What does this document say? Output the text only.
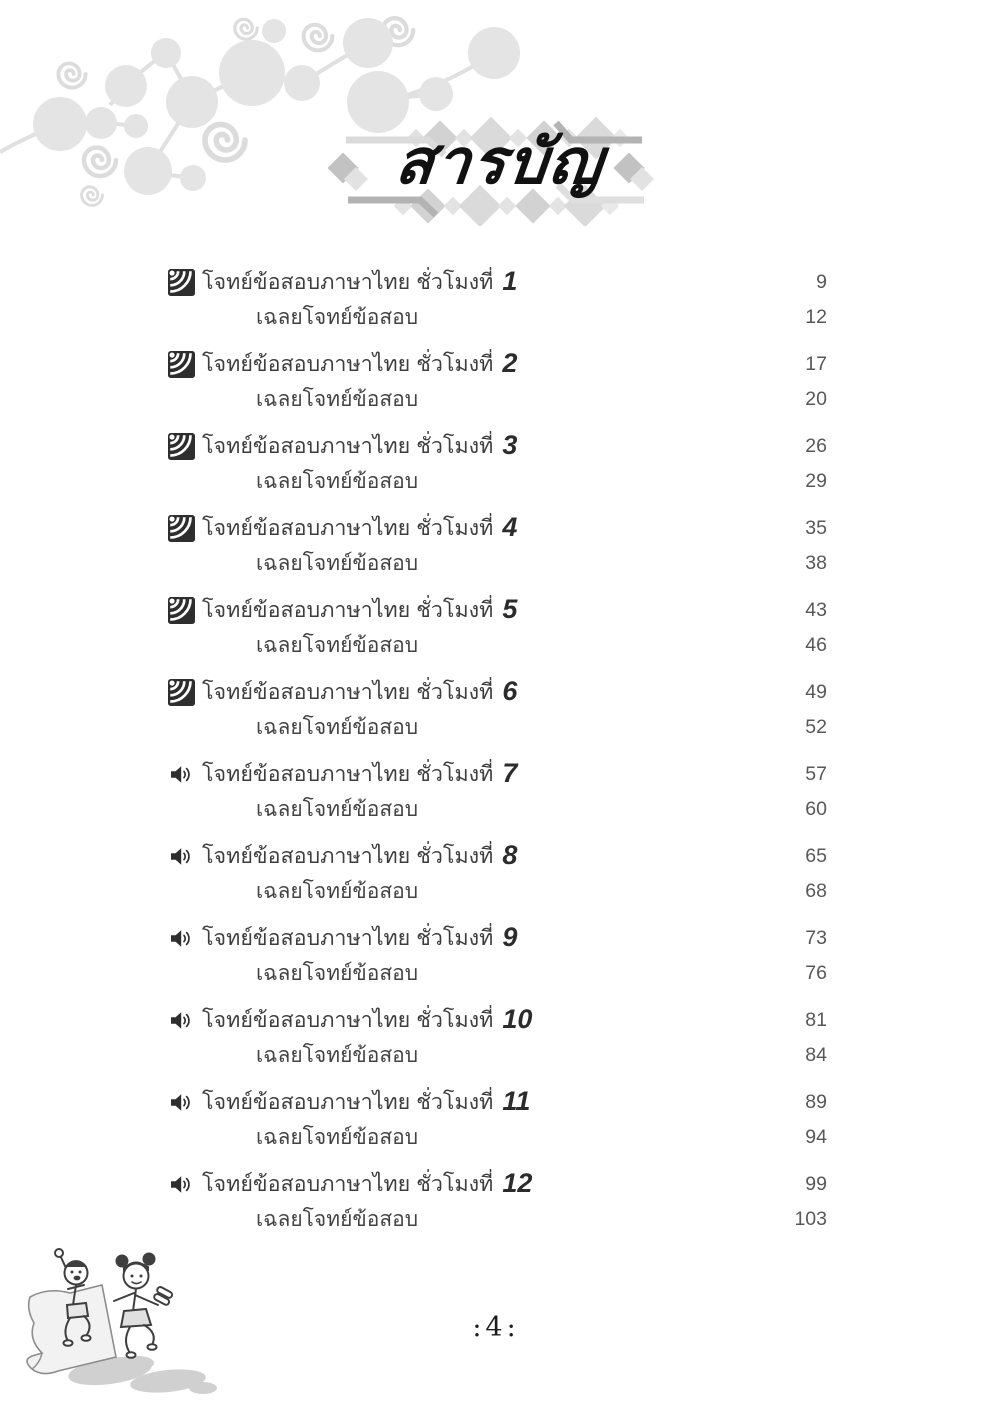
สารบัญ
โจทย์ข้อสอบภาษาไทย ชั่วโมงที่ 1	9
เฉลยโจทย์ข้อสอบ	12
โจทย์ข้อสอบภาษาไทย ชั่วโมงที่ 2	17
เฉลยโจทย์ข้อสอบ	20
โจทย์ข้อสอบภาษาไทย ชั่วโมงที่ 3	26
เฉลยโจทย์ข้อสอบ	29
โจทย์ข้อสอบภาษาไทย ชั่วโมงที่ 4	35
เฉลยโจทย์ข้อสอบ	38
โจทย์ข้อสอบภาษาไทย ชั่วโมงที่ 5	43
เฉลยโจทย์ข้อสอบ	46
โจทย์ข้อสอบภาษาไทย ชั่วโมงที่ 6	49
เฉลยโจทย์ข้อสอบ	52
โจทย์ข้อสอบภาษาไทย ชั่วโมงที่ 7	57
เฉลยโจทย์ข้อสอบ	60
โจทย์ข้อสอบภาษาไทย ชั่วโมงที่ 8	65
เฉลยโจทย์ข้อสอบ	68
โจทย์ข้อสอบภาษาไทย ชั่วโมงที่ 9	73
เฉลยโจทย์ข้อสอบ	76
โจทย์ข้อสอบภาษาไทย ชั่วโมงที่ 10	81
เฉลยโจทย์ข้อสอบ	84
โจทย์ข้อสอบภาษาไทย ชั่วโมงที่ 11	89
เฉลยโจทย์ข้อสอบ	94
โจทย์ข้อสอบภาษาไทย ชั่วโมงที่ 12	99
เฉลยโจทย์ข้อสอบ	103
:4:
